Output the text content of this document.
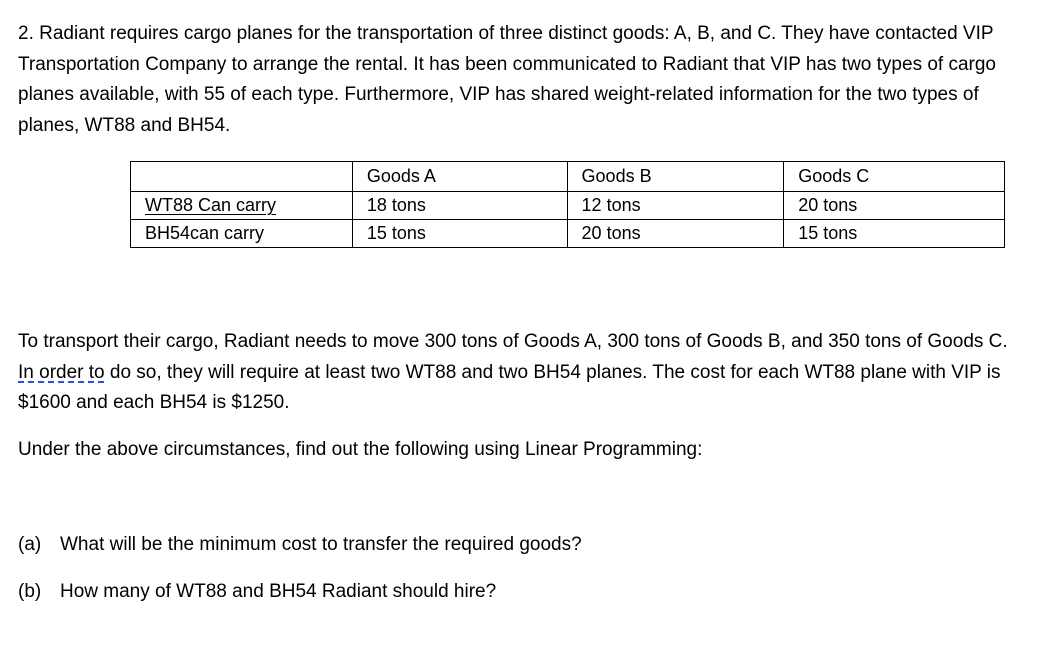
2. Radiant requires cargo planes for the transportation of three distinct goods: A, B, and C. They have contacted VIP Transportation Company to arrange the rental. It has been communicated to Radiant that VIP has two types of cargo planes available, with 55 of each type. Furthermore, VIP has shared weight-related information for the two types of planes, WT88 and BH54.

	Goods A	Goods B	Goods C
WT88 Can carry	18 tons	12 tons	20 tons
BH54can carry	15 tons	20 tons	15 tons

To transport their cargo, Radiant needs to move 300 tons of Goods A, 300 tons of Goods B, and 350 tons of Goods C. In order to do so, they will require at least two WT88 and two BH54 planes. The cost for each WT88 plane with VIP is $1600 and each BH54 is $1250.

Under the above circumstances, find out the following using Linear Programming:

(a) What will be the minimum cost to transfer the required goods?

(b) How many of WT88 and BH54 Radiant should hire?
